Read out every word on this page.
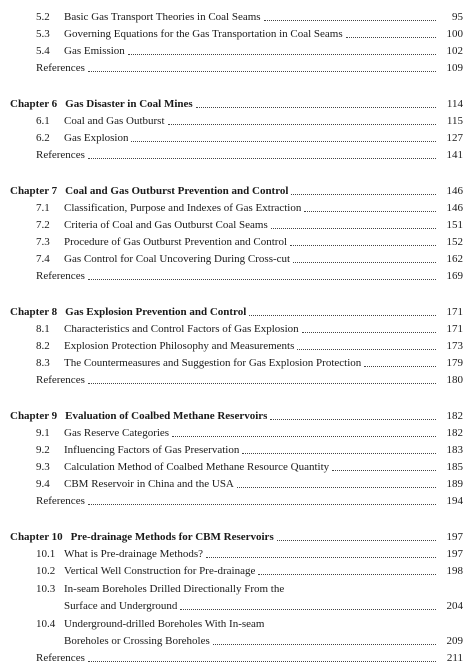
5.2	Basic Gas Transport Theories in Coal Seams	95
5.3	Governing Equations for the Gas Transportation in Coal Seams	100
5.4	Gas Emission	102
References	109
Chapter 6 Gas Disaster in Coal Mines	114
6.1	Coal and Gas Outburst	115
6.2	Gas Explosion	127
References	141
Chapter 7 Coal and Gas Outburst Prevention and Control	146
7.1	Classification, Purpose and Indexes of Gas Extraction	146
7.2	Criteria of Coal and Gas Outburst Coal Seams	151
7.3	Procedure of Gas Outburst Prevention and Control	152
7.4	Gas Control for Coal Uncovering During Cross-cut	162
References	169
Chapter 8 Gas Explosion Prevention and Control	171
8.1	Characteristics and Control Factors of Gas Explosion	171
8.2	Explosion Protection Philosophy and Measurements	173
8.3	The Countermeasures and Suggestion for Gas Explosion Protection	179
References	180
Chapter 9 Evaluation of Coalbed Methane Reservoirs	182
9.1	Gas Reserve Categories	182
9.2	Influencing Factors of Gas Preservation	183
9.3	Calculation Method of Coalbed Methane Resource Quantity	185
9.4	CBM Reservoir in China and the USA	189
References	194
Chapter 10 Pre-drainage Methods for CBM Reservoirs	197
10.1 What is Pre-drainage Methods?	197
10.2 Vertical Well Construction for Pre-drainage	198
10.3 In-seam Boreholes Drilled Directionally From the
Surface and Underground	204
10.4 Underground-drilled Boreholes With In-seam
Boreholes or Crossing Boreholes	209
References	211
